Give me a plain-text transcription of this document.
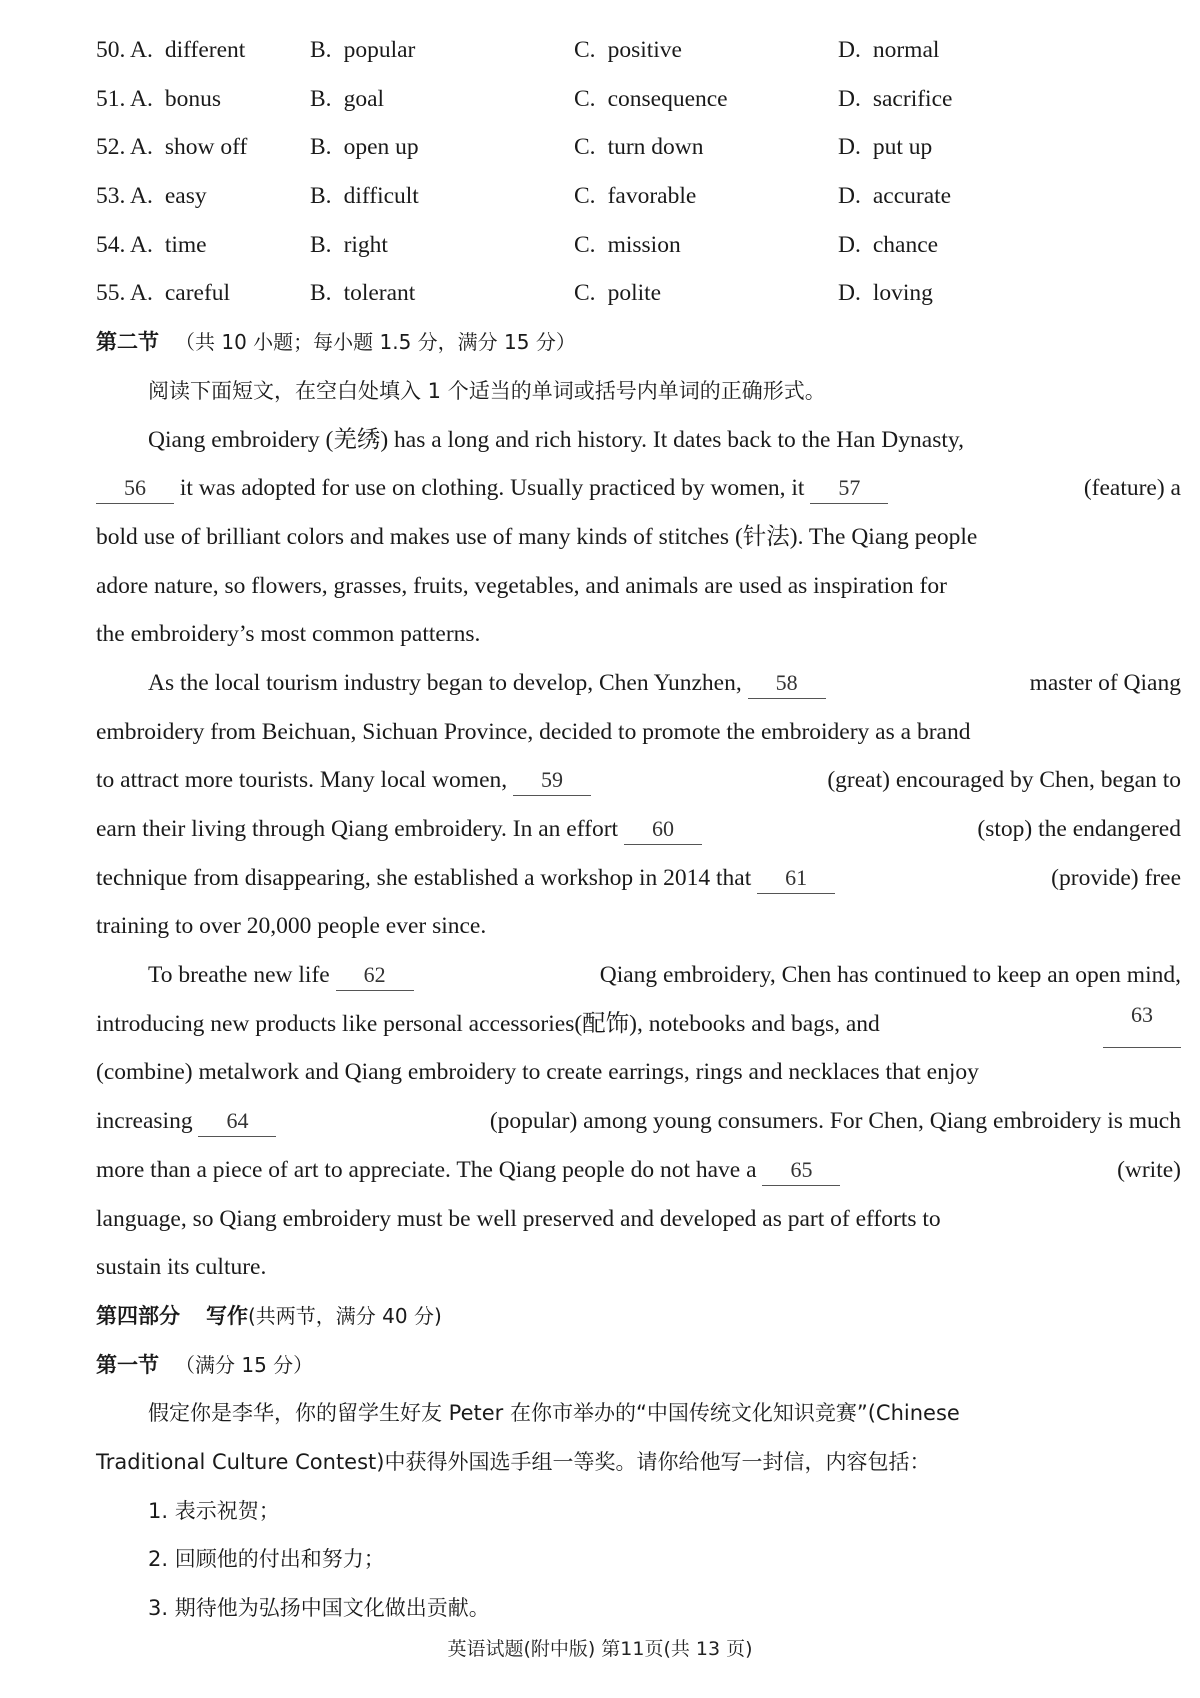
50. A. different	B. popular	C. positive	D. normal
51. A. bonus	B. goal	C. consequence	D. sacrifice
52. A. show off	B. open up	C. turn down	D. put up
53. A. easy	B. difficult	C. favorable	D. accurate
54. A. time	B. right	C. mission	D. chance
55. A. careful	B. tolerant	C. polite	D. loving
第二节 （共 10 小题；每小题 1.5 分，满分 15 分）
阅读下面短文，在空白处填入 1 个适当的单词或括号内单词的正确形式。
Qiang embroidery (羌绣) has a long and rich history. It dates back to the Han Dynasty,
56 it was adopted for use on clothing. Usually practiced by women, it 57	(feature) a
bold use of brilliant colors and makes use of many kinds of stitches (针法). The Qiang people
adore nature, so flowers, grasses, fruits, vegetables, and animals are used as inspiration for
the embroidery’s most common patterns.
As the local tourism industry began to develop, Chen Yunzhen, 58	master of Qiang
embroidery from Beichuan, Sichuan Province, decided to promote the embroidery as a brand
to attract more tourists. Many local women, 59	(great) encouraged by Chen, began to
earn their living through Qiang embroidery. In an effort 60	(stop) the endangered
technique from disappearing, she established a workshop in 2014 that 61	(provide) free
training to over 20,000 people ever since.
To breathe new life 62	Qiang embroidery, Chen has continued to keep an open mind,
introducing new products like personal accessories(配饰), notebooks and bags, and	63
(combine) metalwork and Qiang embroidery to create earrings, rings and necklaces that enjoy
increasing 64	(popular) among young consumers. For Chen, Qiang embroidery is much
more than a piece of art to appreciate. The Qiang people do not have a 65	(write)
language, so Qiang embroidery must be well preserved and developed as part of efforts to
sustain its culture.
第四部分 写作(共两节，满分 40 分)
第一节 （满分 15 分）
假定你是李华，你的留学生好友 Peter 在你市举办的“中国传统文化知识竞赛”(Chinese
Traditional Culture Contest)中获得外国选手组一等奖。请你给他写一封信，内容包括：
1. 表示祝贺；
2. 回顾他的付出和努力；
3. 期待他为弘扬中国文化做出贡献。
英语试题(附中版) 第11页(共 13 页)
